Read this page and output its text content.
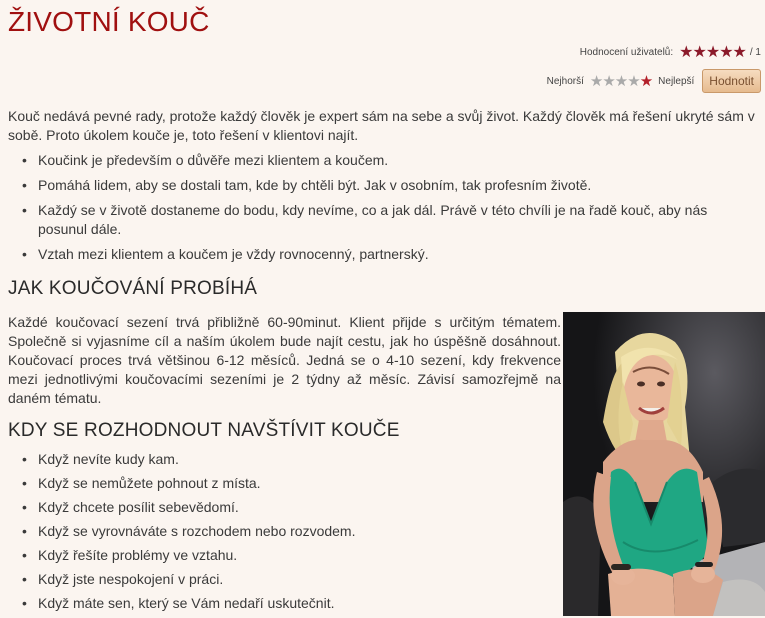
ŽIVOTNÍ KOUČ
Hodnocení uživatelů: ★★★★★ / 1
Nejhorší ★★★★★ Nejlepší	Hodnotit

Kouč nedává pevné rady, protože každý člověk je expert sám na sebe a svůj život. Každý člověk má řešení ukryté sám v sobě. Proto úkolem kouče je, toto řešení v klientovi najít.

• Koučink je především o důvěře mezi klientem a koučem.
• Pomáhá lidem, aby se dostali tam, kde by chtěli být. Jak v osobním, tak profesním životě.
• Každý se v životě dostaneme do bodu, kdy nevíme, co a jak dál. Právě v této chvíli je na řadě kouč, aby nás posunul dále.
• Vztah mezi klientem a koučem je vždy rovnocenný, partnerský.
JAK KOUČOVÁNÍ PROBÍHÁ

Každé koučovací sezení trvá přibližně 60-90minut. Klient přijde s určitým tématem. Společně si vyjasníme cíl a naším úkolem bude najít cestu, jak ho úspěšně dosáhnout. Koučovací proces trvá většinou 6-12 měsíců. Jedná se o 4-10 sezení, kdy frekvence mezi jednotlivými koučovacími sezeními je 2 týdny až měsíc. Závisí samozřejmě na daném tématu.

KDY SE ROZHODNOUT NAVŠTÍVIT KOUČE
• Když nevíte kudy kam.
• Když se nemůžete pohnout z místa.
• Když chcete posílit sebevědomí.
• Když se vyrovnáváte s rozchodem nebo rozvodem.
• Když řešíte problémy ve vztahu.
• Když jste nespokojení v práci.
• Když máte sen, který se Vám nedaří uskutečnit.
